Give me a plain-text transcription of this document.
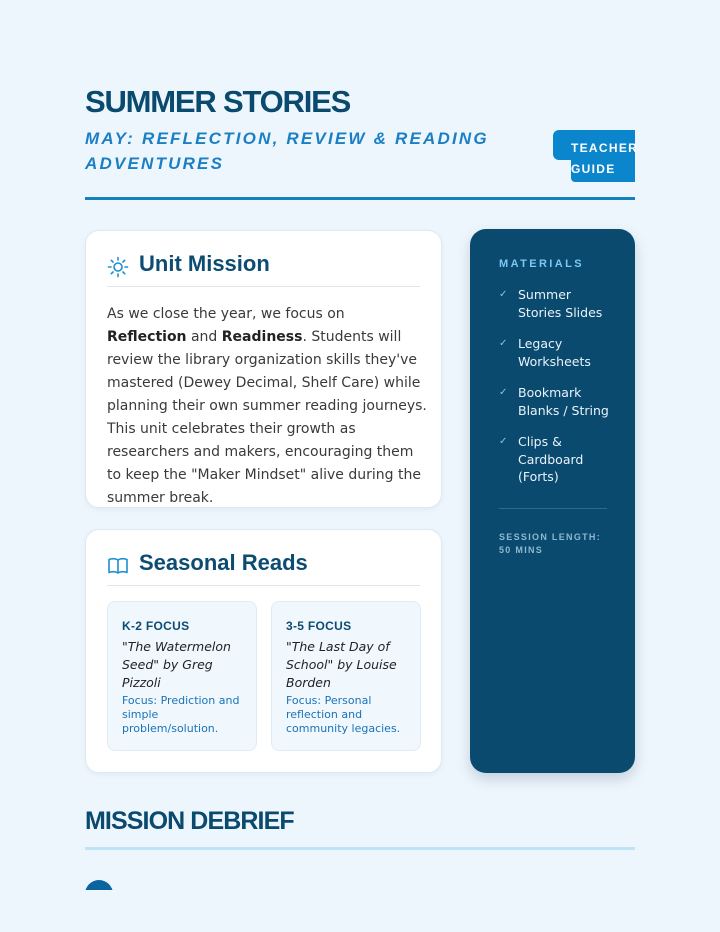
SUMMER STORIES
MAY: REFLECTION, REVIEW & READING ADVENTURES
TEACHER
GUIDE
Unit Mission

As we close the year, we focus on Reflection and Readiness. Students will review the library organization skills they've mastered (Dewey Decimal, Shelf Care) while planning their own summer reading journeys. This unit celebrates their growth as researchers and makers, encouraging them to keep the "Maker Mindset" alive during the summer break.

Seasonal Reads
K-2 FOCUS
"The Watermelon Seed" by Greg Pizzoli
Focus: Prediction and simple problem/solution.
3-5 FOCUS
"The Last Day of School" by Louise Borden
Focus: Personal reflection and community legacies.
MATERIALS
✓ Summer Stories Slides
✓ Legacy Worksheets
✓ Bookmark Blanks / String
✓ Clips & Cardboard (Forts)
SESSION LENGTH: 50 MINS
MISSION DEBRIEF
